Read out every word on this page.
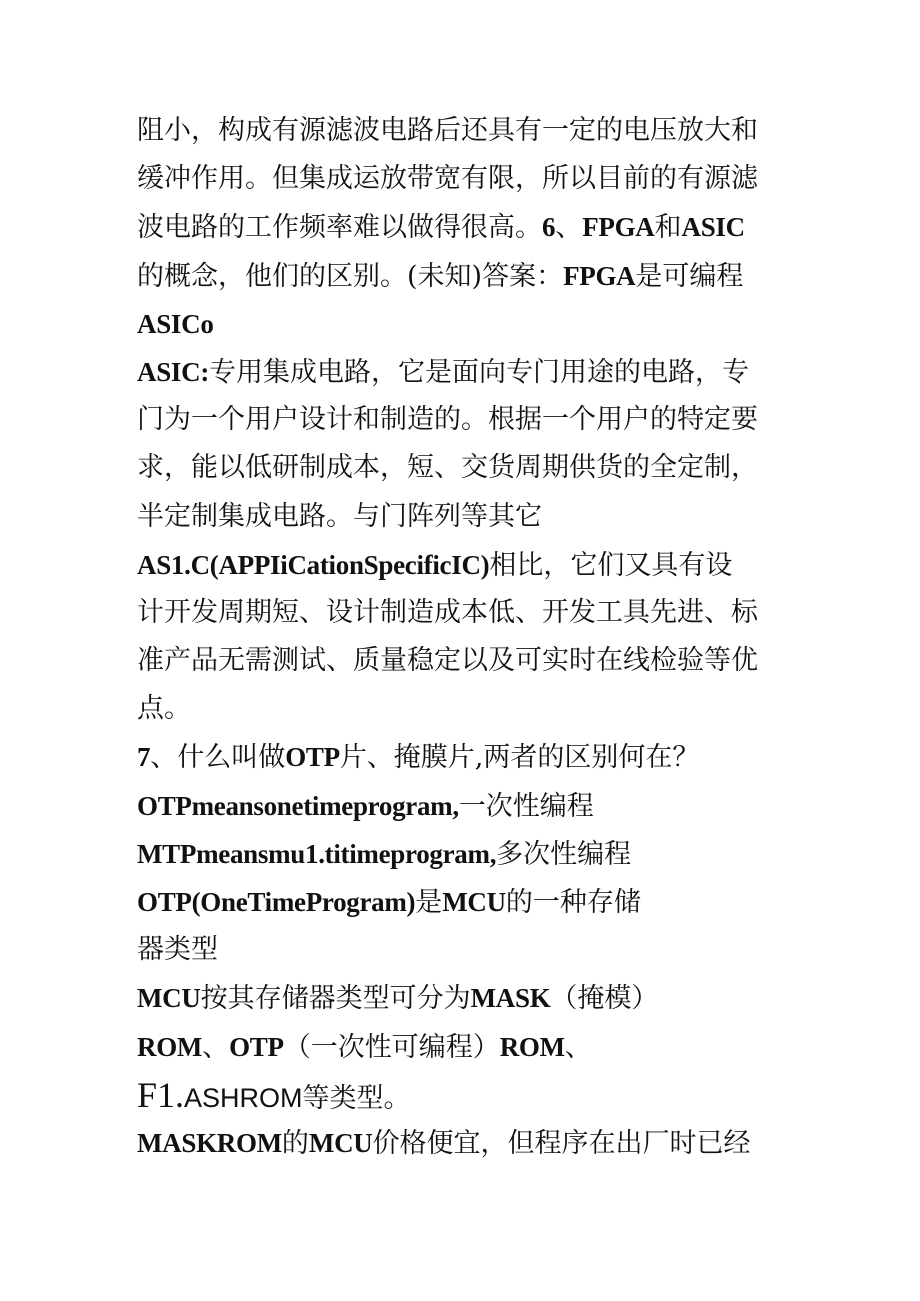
阻小，构成有源滤波电路后还具有一定的电压放大和
缓冲作用。但集成运放带宽有限，所以目前的有源滤
波电路的工作频率难以做得很高。6、FPGA和ASIC
的概念，他们的区别。(未知)答案：FPGA是可编程
ASICo
ASIC:专用集成电路，它是面向专门用途的电路，专
门为一个用户设计和制造的。根据一个用户的特定要
求，能以低研制成本，短、交货周期供货的全定制，
半定制集成电路。与门阵列等其它
AS1.C(APPIiCationSpecificIC)相比，它们又具有设
计开发周期短、设计制造成本低、开发工具先进、标
准产品无需测试、质量稳定以及可实时在线检验等优
点。
7、什么叫做OTP片、掩膜片,两者的区别何在？
OTPmeansonetimeprogram,一次性编程
MTPmeansmu1.titimeprogram,多次性编程
OTP(OneTimeProgram)是MCU的一种存储
器类型
MCU按其存储器类型可分为MASK（掩模）
ROM、OTP（一次性可编程）ROM、
F1.ASHROM等类型。
MASKROM的MCU价格便宜，但程序在出厂时已经
